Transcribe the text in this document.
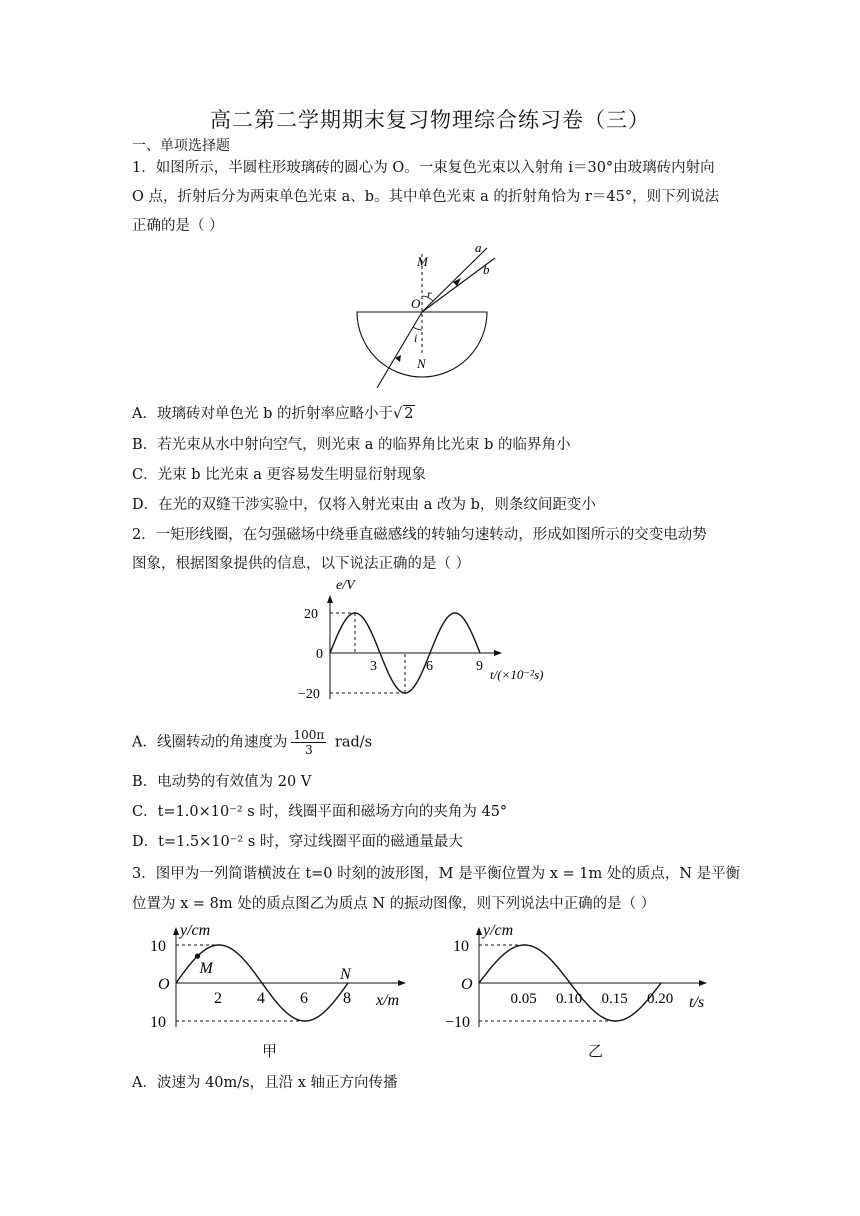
高二第二学期期末复习物理综合练习卷（三）
一、单项选择题
1．如图所示，半圆柱形玻璃砖的圆心为 O。一束复色光束以入射角 i＝30°由玻璃砖内射向
O 点，折射后分为两束单色光束 a、b。其中单色光束 a 的折射角恰为 r＝45°，则下列说法
正确的是（ ）
M
N
O
a
b
r
i
A．玻璃砖对单色光 b 的折射率应略小于√ 2
B．若光束从水中射向空气，则光束 a 的临界角比光束 b 的临界角小
C．光束 b 比光束 a 更容易发生明显衍射现象
D．在光的双缝干涉实验中，仅将入射光束由 a 改为 b，则条纹间距变小
2．一矩形线圈，在匀强磁场中绕垂直磁感线的转轴匀速转动，形成如图所示的交变电动势
图象，根据图象提供的信息，以下说法正确的是（ ）
e/V
20
0
−20
3	6	9
t/(×10⁻²s)
A．线圈转动的角速度为 $\frac{100\pi}{3} rad/s$
B．电动势的有效值为 20 V
C．t=1.0×10⁻² s 时，线圈平面和磁场方向的夹角为 45°
D．t=1.5×10⁻² s 时，穿过线圈平面的磁通量最大
3．图甲为一列简谐横波在 t=0 时刻的波形图，M 是平衡位置为 x = 1m 处的质点，N 是平衡
位置为 x = 8m 处的质点图乙为质点 N 的振动图像，则下列说法中正确的是（ ）
M	N
y/cm
10
O
10
2 4 6 8 x/m
y/cm
10
O
−10
0.05 0.10 0.15 0.20 t/s
甲	乙
A．波速为 40m/s，且沿 x 轴正方向传播
